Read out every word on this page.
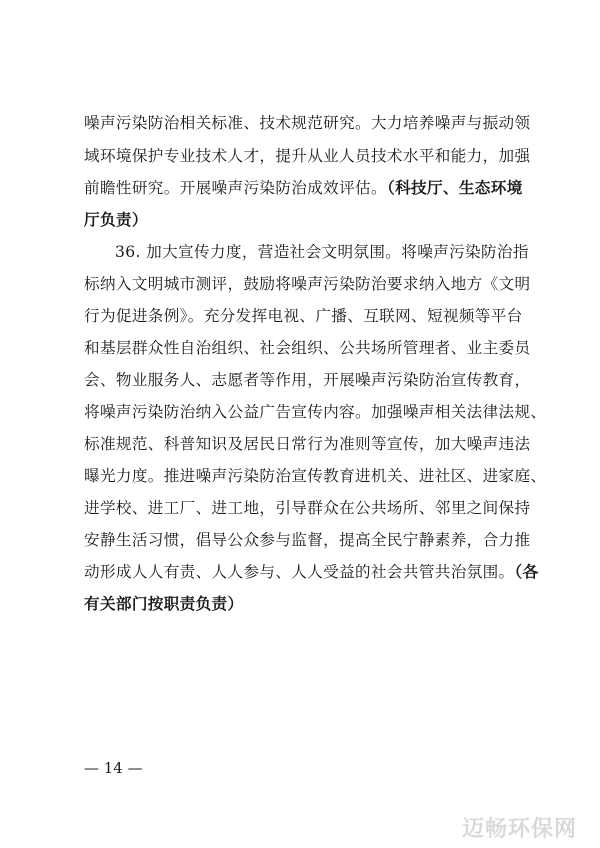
噪声污染防治相关标准、技术规范研究。大力培养噪声与振动领
域环境保护专业技术人才，提升从业人员技术水平和能力，加强
前瞻性研究。开展噪声污染防治成效评估。（科技厅、生态环境
厅负责）
36. 加大宣传力度，营造社会文明氛围。将噪声污染防治指
标纳入文明城市测评，鼓励将噪声污染防治要求纳入地方《文明
行为促进条例》。充分发挥电视、广播、互联网、短视频等平台
和基层群众性自治组织、社会组织、公共场所管理者、业主委员
会、物业服务人、志愿者等作用，开展噪声污染防治宣传教育，
将噪声污染防治纳入公益广告宣传内容。加强噪声相关法律法规、
标准规范、科普知识及居民日常行为准则等宣传，加大噪声违法
曝光力度。推进噪声污染防治宣传教育进机关、进社区、进家庭、
进学校、进工厂、进工地，引导群众在公共场所、邻里之间保持
安静生活习惯，倡导公众参与监督，提高全民宁静素养，合力推
动形成人人有责、人人参与、人人受益的社会共管共治氛围。（各
有关部门按职责负责）
— 14 —
迈畅环保网
